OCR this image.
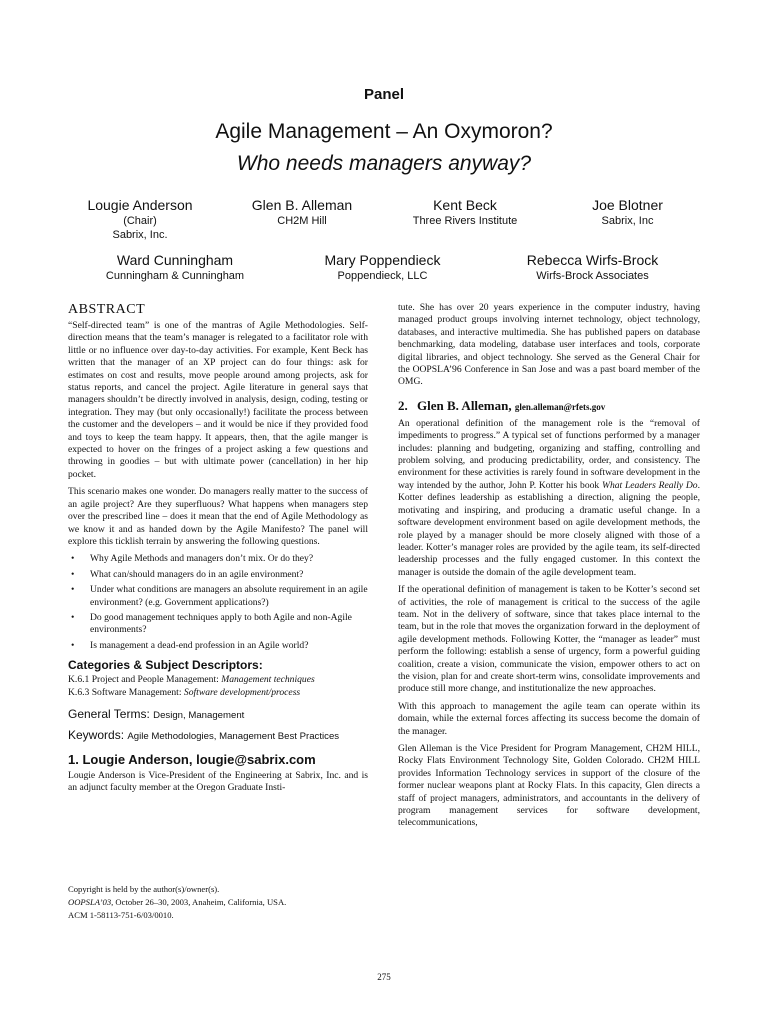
Panel
Agile Management – An Oxymoron?
Who needs managers anyway?
Lougie Anderson
(Chair)
Sabrix, Inc.
Glen B. Alleman
CH2M Hill
Kent Beck
Three Rivers Institute
Joe Blotner
Sabrix, Inc
Ward Cunningham
Cunningham & Cunningham
Mary Poppendieck
Poppendieck, LLC
Rebecca Wirfs-Brock
Wirfs-Brock Associates
ABSTRACT

“Self-directed team” is one of the mantras of Agile Methodologies. Self-direction means that the team’s manager is relegated to a facilitator role with little or no influence over day-to-day activities. For example, Kent Beck has written that the manager of an XP project can do four things: ask for estimates on cost and results, move people around among projects, ask for status reports, and cancel the project. Agile literature in general says that managers shouldn’t be directly involved in analysis, design, coding, testing or integration. They may (but only occasionally!) facilitate the process between the customer and the developers – and it would be nice if they provided food and toys to keep the team happy. It appears, then, that the agile manger is expected to hover on the fringes of a project asking a few questions and throwing in goodies – but with ultimate power (cancellation) in her hip pocket.

This scenario makes one wonder. Do managers really matter to the success of an agile project? Are they superfluous? What happens when managers step over the prescribed line – does it mean that the end of Agile Methodology as we know it and as handed down by the Agile Manifesto? The panel will explore this ticklish terrain by answering the following questions.

• Why Agile Methods and managers don’t mix. Or do they?
• What can/should managers do in an agile environment?
• Under what conditions are managers an absolute requirement in an agile environment? (e.g. Government applications?)
• Do good management techniques apply to both Agile and non-Agile environments?
• Is management a dead-end profession in an Agile world?
Categories & Subject Descriptors:

K.6.1 Project and People Management: Management techniques

K.6.3 Software Management: Software development/process

General Terms: Design, Management

Keywords: Agile Methodologies, Management Best Practices

1. Lougie Anderson, lougie@sabrix.com

Lougie Anderson is Vice-President of the Engineering at Sabrix, Inc. and is an adjunct faculty member at the Oregon Graduate Insti-

Copyright is held by the author(s)/owner(s).
OOPSLA’03, October 26–30, 2003, Anaheim, California, USA.
ACM 1-58113-751-6/03/0010.

tute. She has over 20 years experience in the computer industry, having managed product groups involving internet technology, object technology, databases, and interactive multimedia. She has published papers on database benchmarking, data modeling, database user interfaces and tools, corporate digital libraries, and object technology. She served as the General Chair for the OOPSLA’96 Conference in San Jose and was a past board member of the OMG.

2. Glen B. Alleman, glen.alleman@rfets.gov

An operational definition of the management role is the “removal of impediments to progress.” A typical set of functions performed by a manager includes: planning and budgeting, organizing and staffing, controlling and problem solving, and producing predictability, order, and consistency. The environment for these activities is rarely found in software development in the way intended by the author, John P. Kotter his book What Leaders Really Do. Kotter defines leadership as establishing a direction, aligning the people, motivating and inspiring, and producing a dramatic useful change. In a software development environment based on agile development methods, the role played by a manager should be more closely aligned with those of a leader. Kotter’s manager roles are provided by the agile team, its self-directed leadership processes and the fully engaged customer. In this context the manager is outside the domain of the agile development team.

If the operational definition of management is taken to be Kotter’s second set of activities, the role of management is critical to the success of the agile team. Not in the delivery of software, since that takes place internal to the team, but in the role that moves the organization forward in the deployment of agile development methods. Following Kotter, the “manager as leader” must perform the following: establish a sense of urgency, form a powerful guiding coalition, create a vision, communicate the vision, empower others to act on the vision, plan for and create short-term wins, consolidate improvements and produce still more change, and institutionalize the new approaches.

With this approach to management the agile team can operate within its domain, while the external forces affecting its success become the domain of the manager.

Glen Alleman is the Vice President for Program Management, CH2M HILL, Rocky Flats Environment Technology Site, Golden Colorado. CH2M HILL provides Information Technology services in support of the closure of the former nuclear weapons plant at Rocky Flats. In this capacity, Glen directs a staff of project managers, administrators, and accountants in the delivery of program management services for software development, telecommunications,

275
